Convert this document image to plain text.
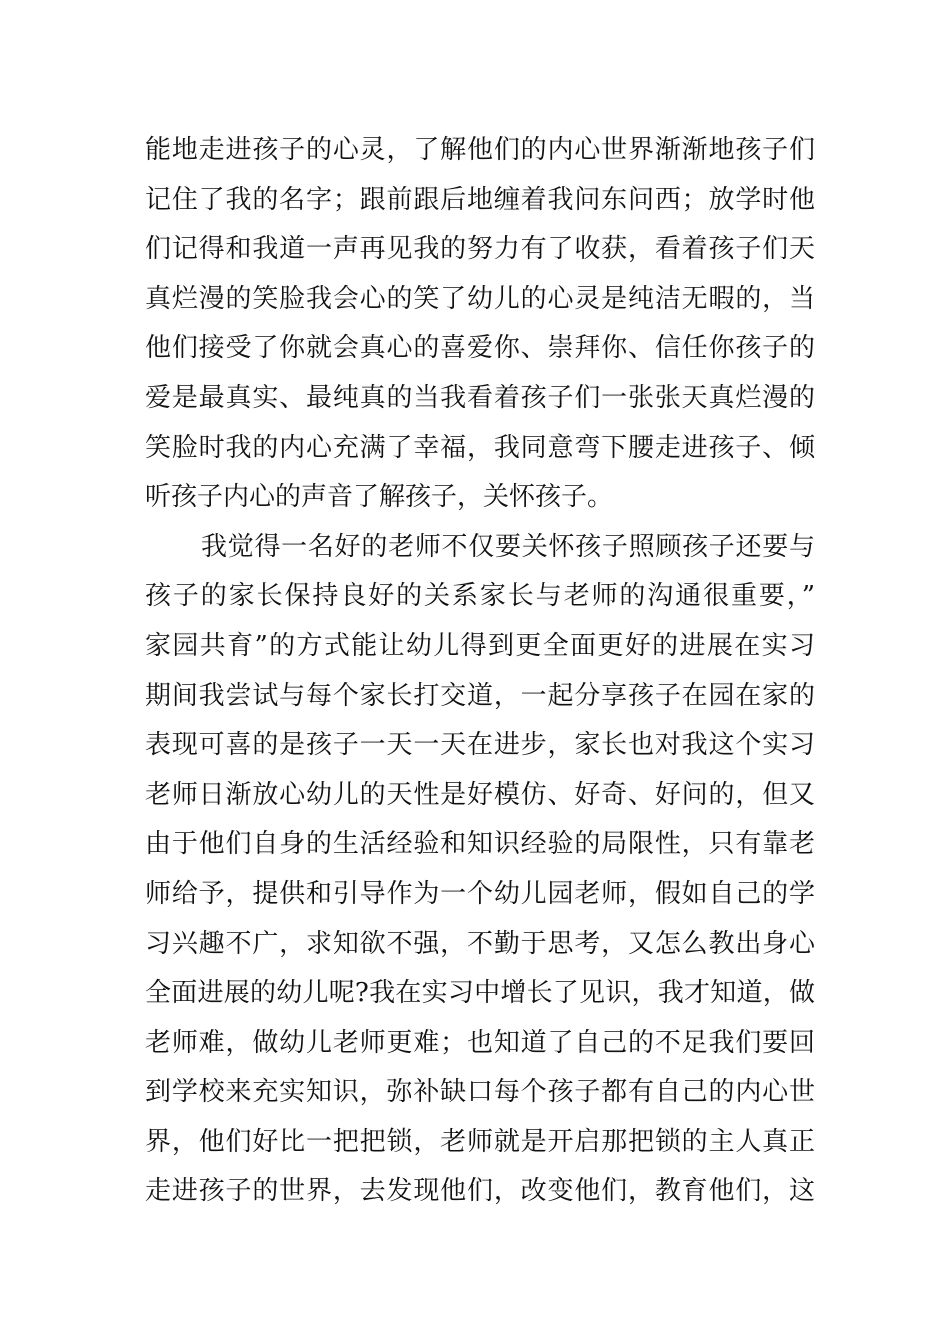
能地走进孩子的心灵，了解他们的内心世界渐渐地孩子们
记住了我的名字；跟前跟后地缠着我问东问西；放学时他
们记得和我道一声再见我的努力有了收获，看着孩子们天
真烂漫的笑脸我会心的笑了幼儿的心灵是纯洁无暇的，当
他们接受了你就会真心的喜爱你、崇拜你、信任你孩子的
爱是最真实、最纯真的当我看着孩子们一张张天真烂漫的
笑脸时我的内心充满了幸福，我同意弯下腰走进孩子、倾
听孩子内心的声音了解孩子，关怀孩子。
我觉得一名好的老师不仅要关怀孩子照顾孩子还要与
孩子的家长保持良好的关系家长与老师的沟通很重要，”
家园共育”的方式能让幼儿得到更全面更好的进展在实习
期间我尝试与每个家长打交道，一起分享孩子在园在家的
表现可喜的是孩子一天一天在进步，家长也对我这个实习
老师日渐放心幼儿的天性是好模仿、好奇、好问的，但又
由于他们自身的生活经验和知识经验的局限性，只有靠老
师给予，提供和引导作为一个幼儿园老师，假如自己的学
习兴趣不广，求知欲不强，不勤于思考，又怎么教出身心
全面进展的幼儿呢?我在实习中增长了见识，我才知道，做
老师难，做幼儿老师更难；也知道了自己的不足我们要回
到学校来充实知识，弥补缺口每个孩子都有自己的内心世
界，他们好比一把把锁，老师就是开启那把锁的主人真正
走进孩子的世界，去发现他们，改变他们，教育他们，这
